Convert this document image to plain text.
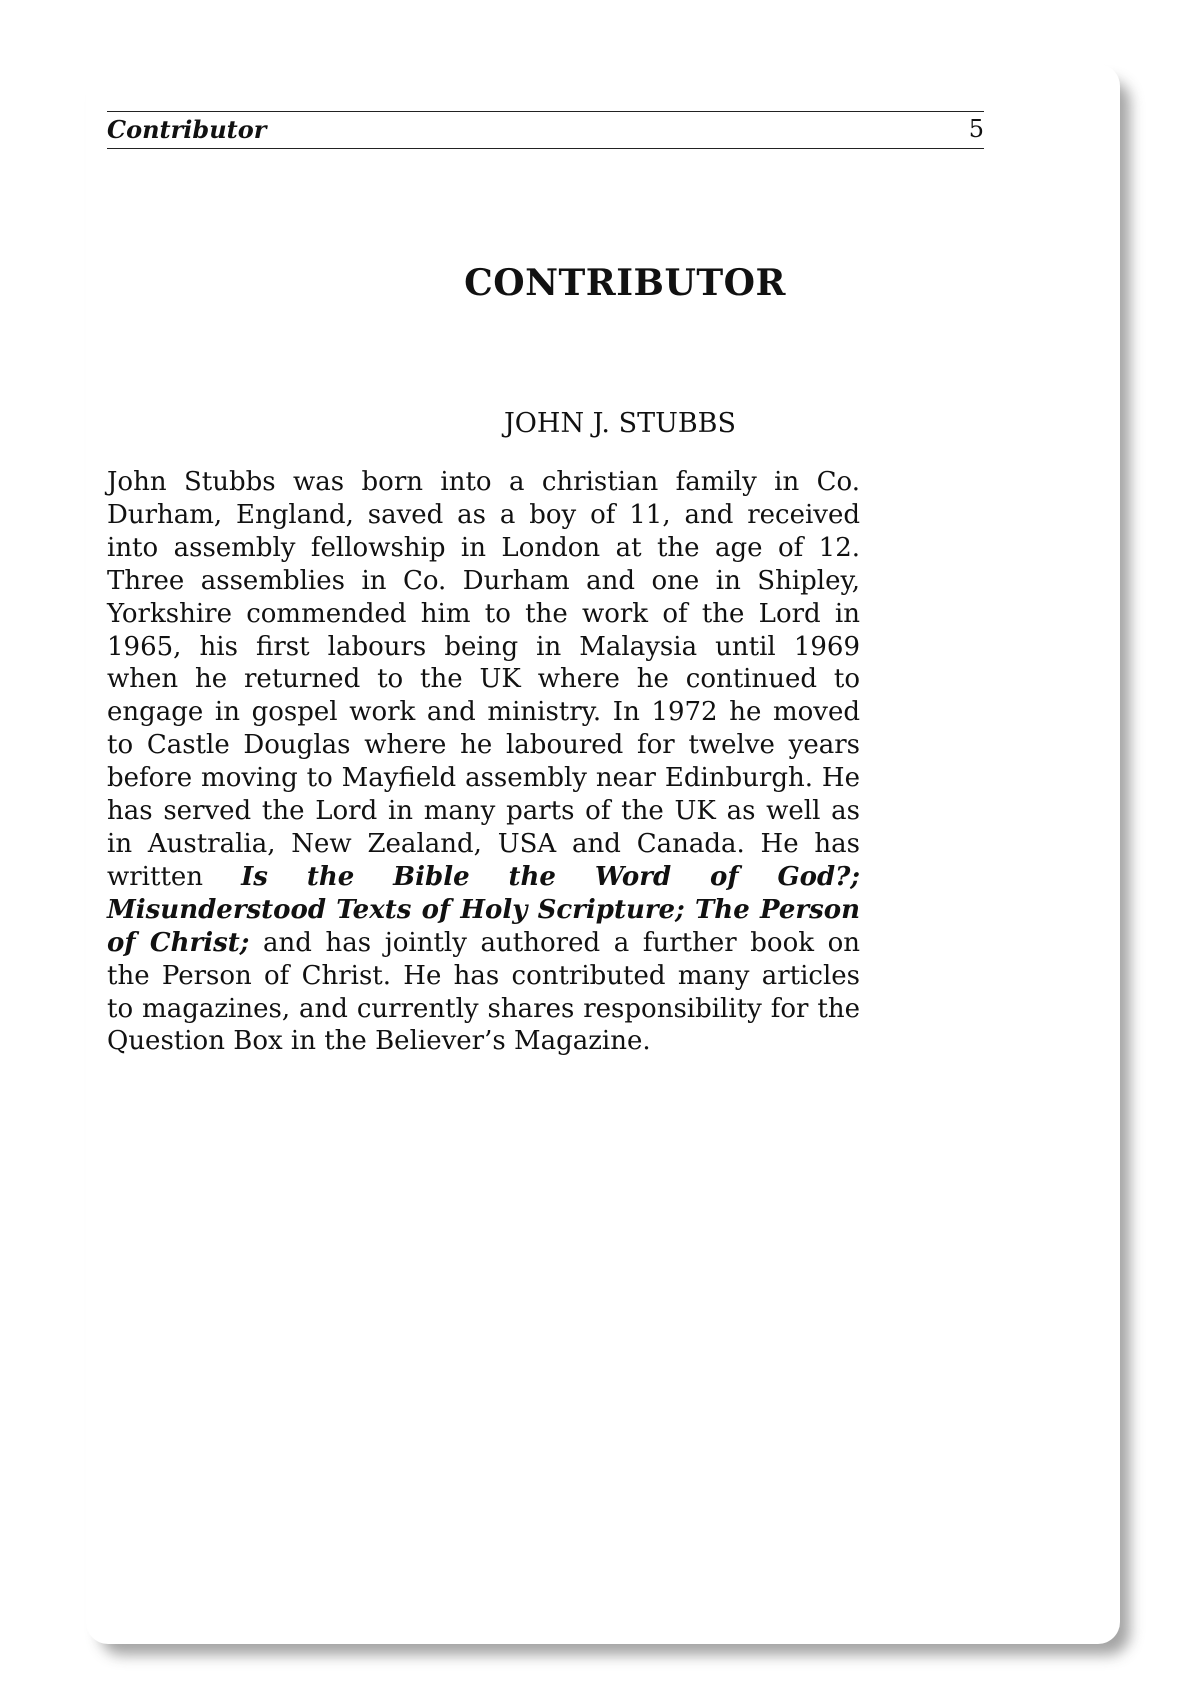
Contributor	5
CONTRIBUTOR
JOHN J. STUBBS

John Stubbs was born into a christian family in Co. Durham, England, saved as a boy of 11, and received into assembly fellowship in London at the age of 12. Three assemblies in Co. Durham and one in Shipley, Yorkshire commended him to the work of the Lord in 1965, his first labours being in Malaysia until 1969 when he returned to the UK where he continued to engage in gospel work and ministry. In 1972 he moved to Castle Douglas where he laboured for twelve years before moving to Mayfield assembly near Edinburgh. He has served the Lord in many parts of the UK as well as in Australia, New Zealand, USA and Canada. He has written Is the Bible the Word of God?; Misunderstood Texts of Holy Scripture; The Person of Christ; and has jointly authored a further book on the Person of Christ. He has contributed many articles to magazines, and currently shares responsibility for the Question Box in the Believer’s Magazine.
